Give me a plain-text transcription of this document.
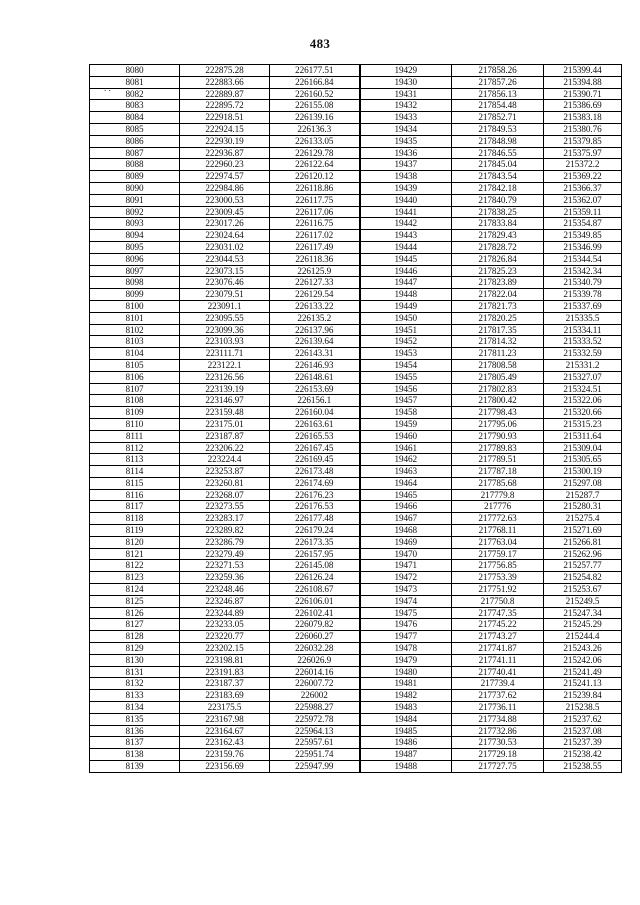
483
. .
8080	222875.28	226177.51	19429	217858.26	215399.44
8081	222883.66	226166.84	19430	217857.26	215394.88
8082	222889.87	226160.52	19431	217856.13	215390.71
8083	222895.72	226155.08	19432	217854.48	215386.69
8084	222918.51	226139.16	19433	217852.71	215383.18
8085	222924.15	226136.3	19434	217849.53	215380.76
8086	222930.19	226133.05	19435	217848.98	215379.85
8087	222936.87	226129.78	19436	217846.55	215375.97
8088	222960.23	226122.64	19437	217845.04	215372.2
8089	222974.57	226120.12	19438	217843.54	215369.22
8090	222984.86	226118.86	19439	217842.18	215366.37
8091	223000.53	226117.75	19440	217840.79	215362.07
8092	223009.45	226117.06	19441	217838.25	215359.11
8093	223017.26	226116.75	19442	217833.84	215354.87
8094	223024.64	226117.02	19443	217829.43	215349.85
8095	223031.02	226117.49	19444	217828.72	215346.99
8096	223044.53	226118.36	19445	217826.84	215344.54
8097	223073.15	226125.9	19446	217825.23	215342.34
8098	223076.46	226127.33	19447	217823.89	215340.79
8099	223079.51	226129.54	19448	217822.04	215339.78
8100	223091.1	226133.22	19449	217821.73	215337.69
8101	223095.55	226135.2	19450	217820.25	215335.5
8102	223099.36	226137.96	19451	217817.35	215334.11
8103	223103.93	226139.64	19452	217814.32	215333.52
8104	223111.71	226143.31	19453	217811.23	215332.59
8105	223122.1	226146.93	19454	217808.58	215331.2
8106	223126.56	226148.61	19455	217805.49	215327.07
8107	223139.19	226153.69	19456	217802.83	215324.51
8108	223146.97	226156.1	19457	217800.42	215322.06
8109	223159.48	226160.04	19458	217798.43	215320.66
8110	223175.01	226163.61	19459	217795.06	215315.23
8111	223187.87	226165.53	19460	217790.93	215311.64
8112	223206.22	226167.45	19461	217789.83	215309.04
8113	223224.4	226169.45	19462	217789.51	215305.65
8114	223253.87	226173.48	19463	217787.18	215300.19
8115	223260.81	226174.69	19464	217785.68	215297.08
8116	223268.07	226176.23	19465	217779.8	215287.7
8117	223273.55	226176.53	19466	217776	215280.31
8118	223283.17	226177.48	19467	217772.63	215275.4
8119	223289.82	226179.24	19468	217768.11	215271.69
8120	223286.79	226173.35	19469	217763.04	215266.81
8121	223279.49	226157.95	19470	217759.17	215262.96
8122	223271.53	226145.08	19471	217756.85	215257.77
8123	223259.36	226126.24	19472	217753.39	215254.82
8124	223248.46	226108.67	19473	217751.92	215253.67
8125	223246.87	226106.01	19474	217750.8	215249.5
8126	223244.89	226102.41	19475	217747.35	215247.34
8127	223233.05	226079.82	19476	217745.22	215245.29
8128	223220.77	226060.27	19477	217743.27	215244.4
8129	223202.15	226032.28	19478	217741.87	215243.26
8130	223198.81	226026.9	19479	217741.11	215242.06
8131	223191.83	226014.16	19480	217740.41	215241.49
8132	223187.37	226007.72	19481	217739.4	215241.13
8133	223183.69	226002	19482	217737.62	215239.84
8134	223175.5	225988.27	19483	217736.11	215238.5
8135	223167.98	225972.78	19484	217734.88	215237.62
8136	223164.67	225964.13	19485	217732.86	215237.08
8137	223162.43	225957.61	19486	217730.53	215237.39
8138	223159.76	225951.74	19487	217729.18	215238.42
8139	223156.69	225947.99	19488	217727.75	215238.55
